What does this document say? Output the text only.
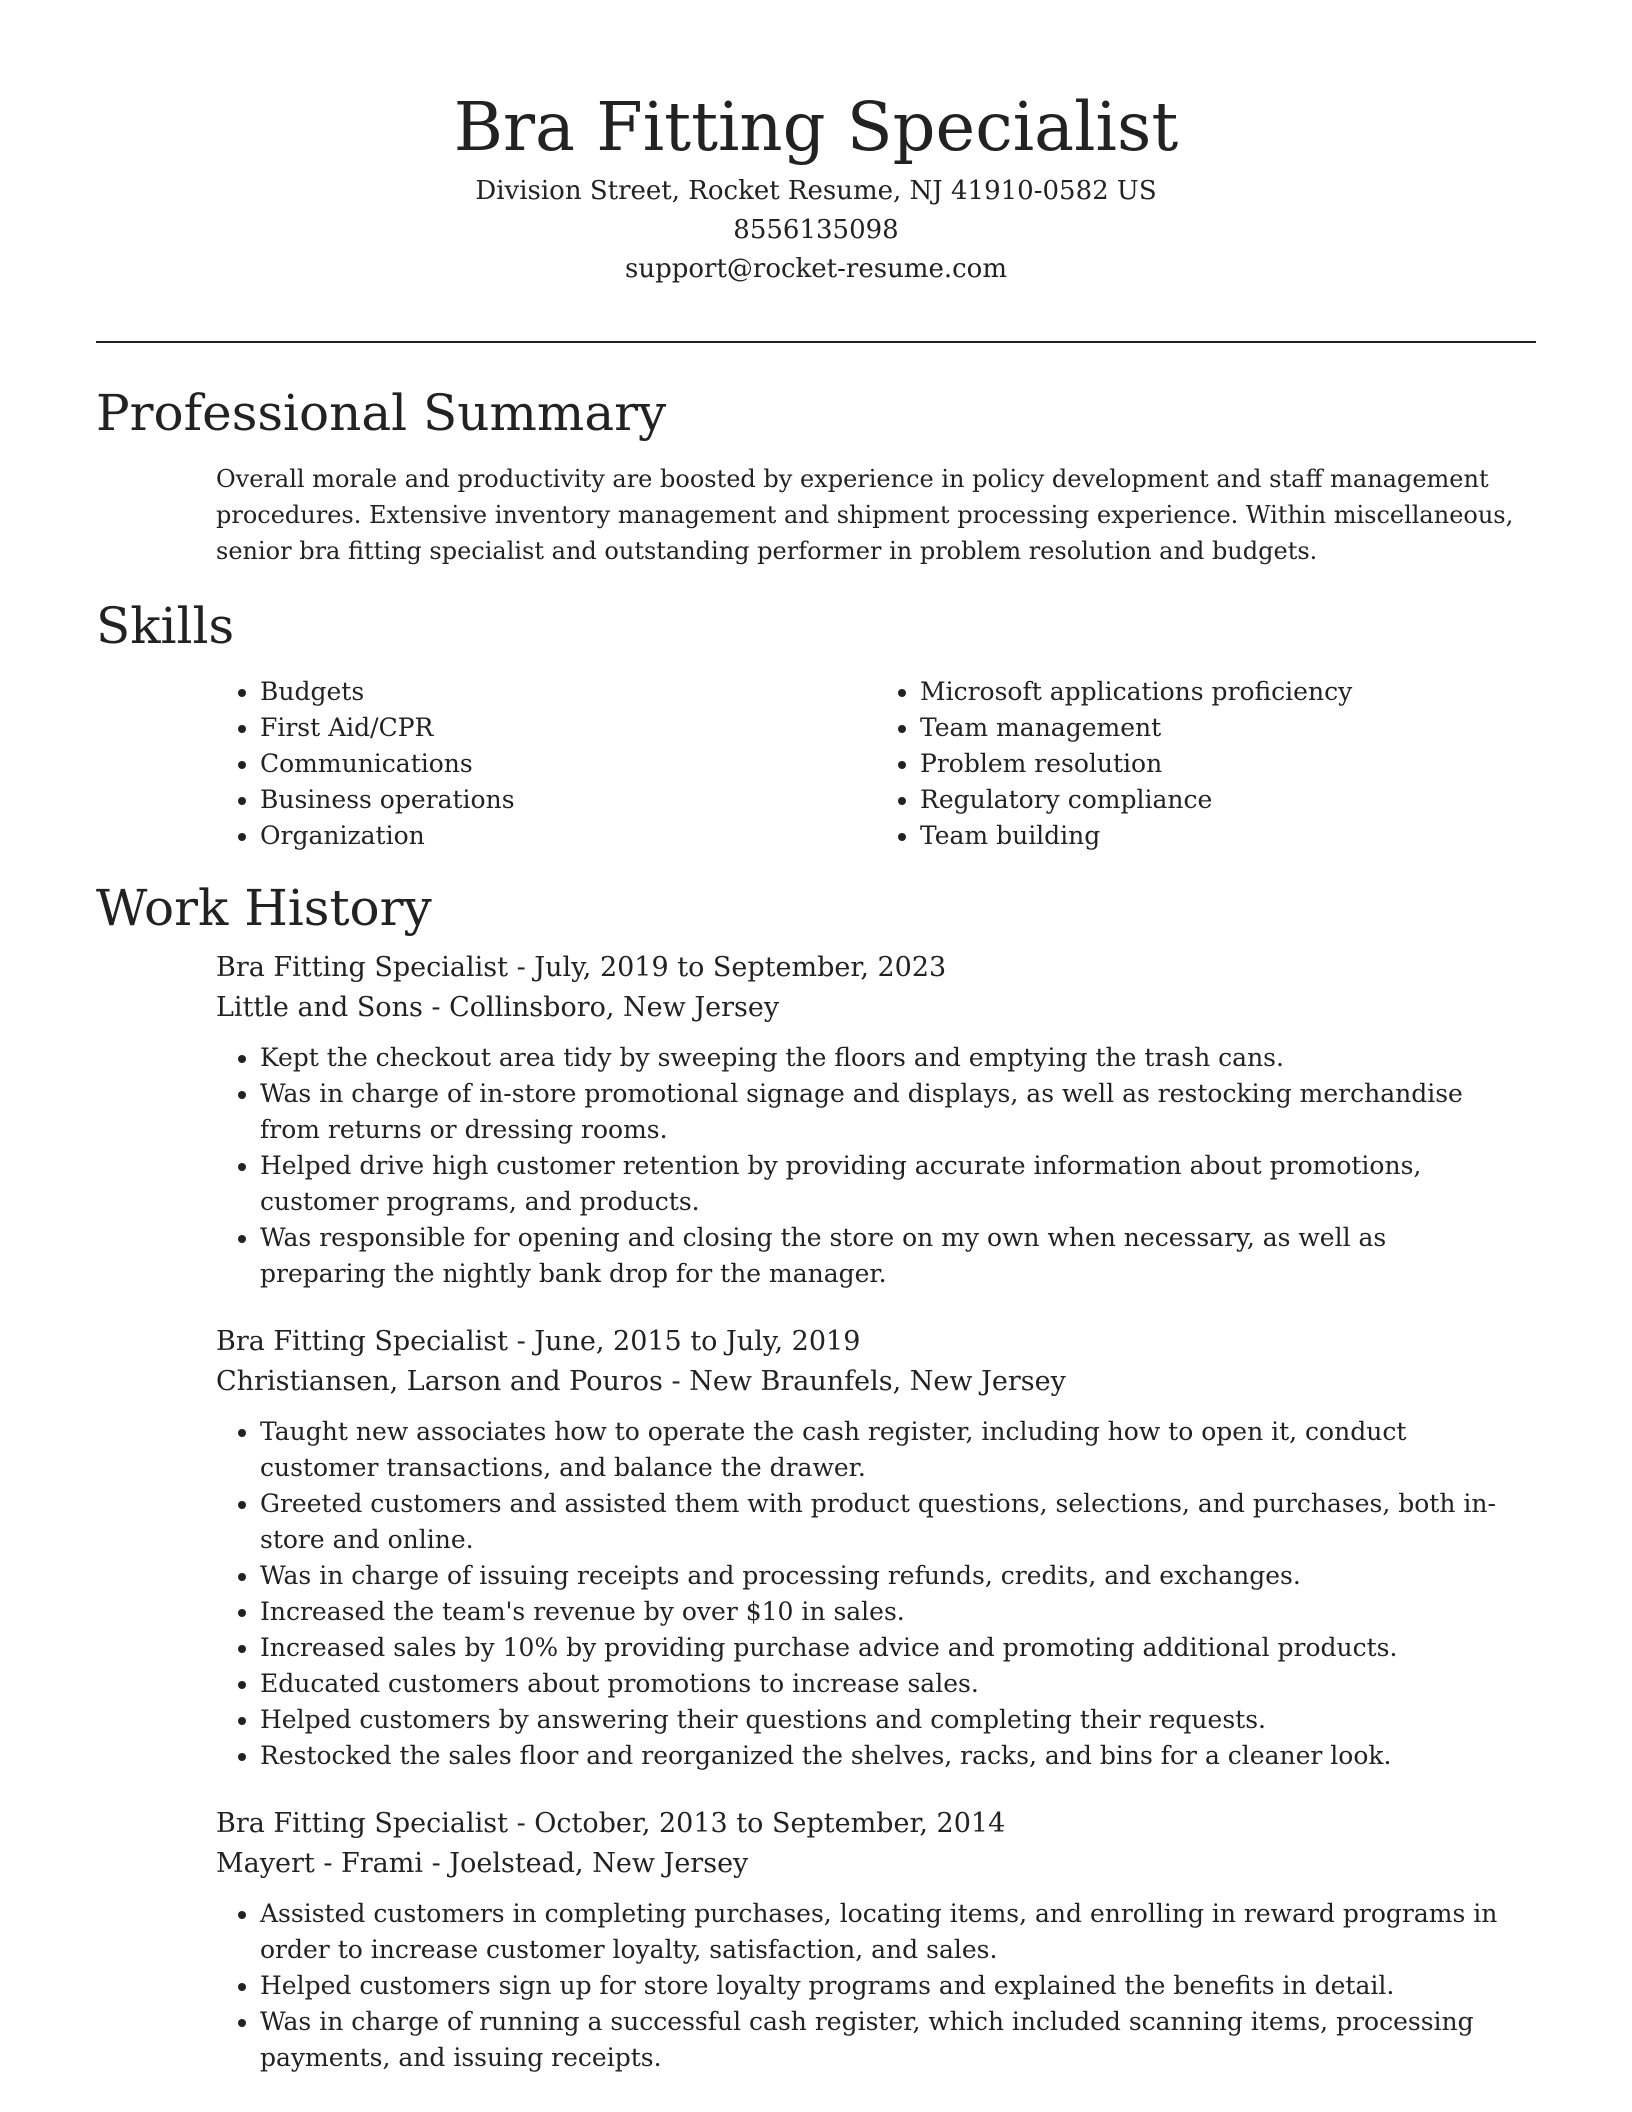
Bra Fitting Specialist
Division Street, Rocket Resume, NJ 41910-0582 US
8556135098
support@rocket-resume.com
Professional Summary

Overall morale and productivity are boosted by experience in policy development and staff management procedures. Extensive inventory management and shipment processing experience. Within miscellaneous, senior bra fitting specialist and outstanding performer in problem resolution and budgets.

Skills
• Budgets
• First Aid/CPR
• Communications
• Business operations
• Organization
• Microsoft applications proficiency
• Team management
• Problem resolution
• Regulatory compliance
• Team building
Work History
Bra Fitting Specialist - July, 2019 to September, 2023
Little and Sons - Collinsboro, New Jersey
• Kept the checkout area tidy by sweeping the floors and emptying the trash cans.
• Was in charge of in-store promotional signage and displays, as well as restocking merchandise from returns or dressing rooms.
• Helped drive high customer retention by providing accurate information about promotions, customer programs, and products.
• Was responsible for opening and closing the store on my own when necessary, as well as preparing the nightly bank drop for the manager.
Bra Fitting Specialist - June, 2015 to July, 2019
Christiansen, Larson and Pouros - New Braunfels, New Jersey
• Taught new associates how to operate the cash register, including how to open it, conduct customer transactions, and balance the drawer.
• Greeted customers and assisted them with product questions, selections, and purchases, both in-store and online.
• Was in charge of issuing receipts and processing refunds, credits, and exchanges.
• Increased the team's revenue by over $10 in sales.
• Increased sales by 10% by providing purchase advice and promoting additional products.
• Educated customers about promotions to increase sales.
• Helped customers by answering their questions and completing their requests.
• Restocked the sales floor and reorganized the shelves, racks, and bins for a cleaner look.
Bra Fitting Specialist - October, 2013 to September, 2014
Mayert - Frami - Joelstead, New Jersey
• Assisted customers in completing purchases, locating items, and enrolling in reward programs in order to increase customer loyalty, satisfaction, and sales.
• Helped customers sign up for store loyalty programs and explained the benefits in detail.
• Was in charge of running a successful cash register, which included scanning items, processing payments, and issuing receipts.
